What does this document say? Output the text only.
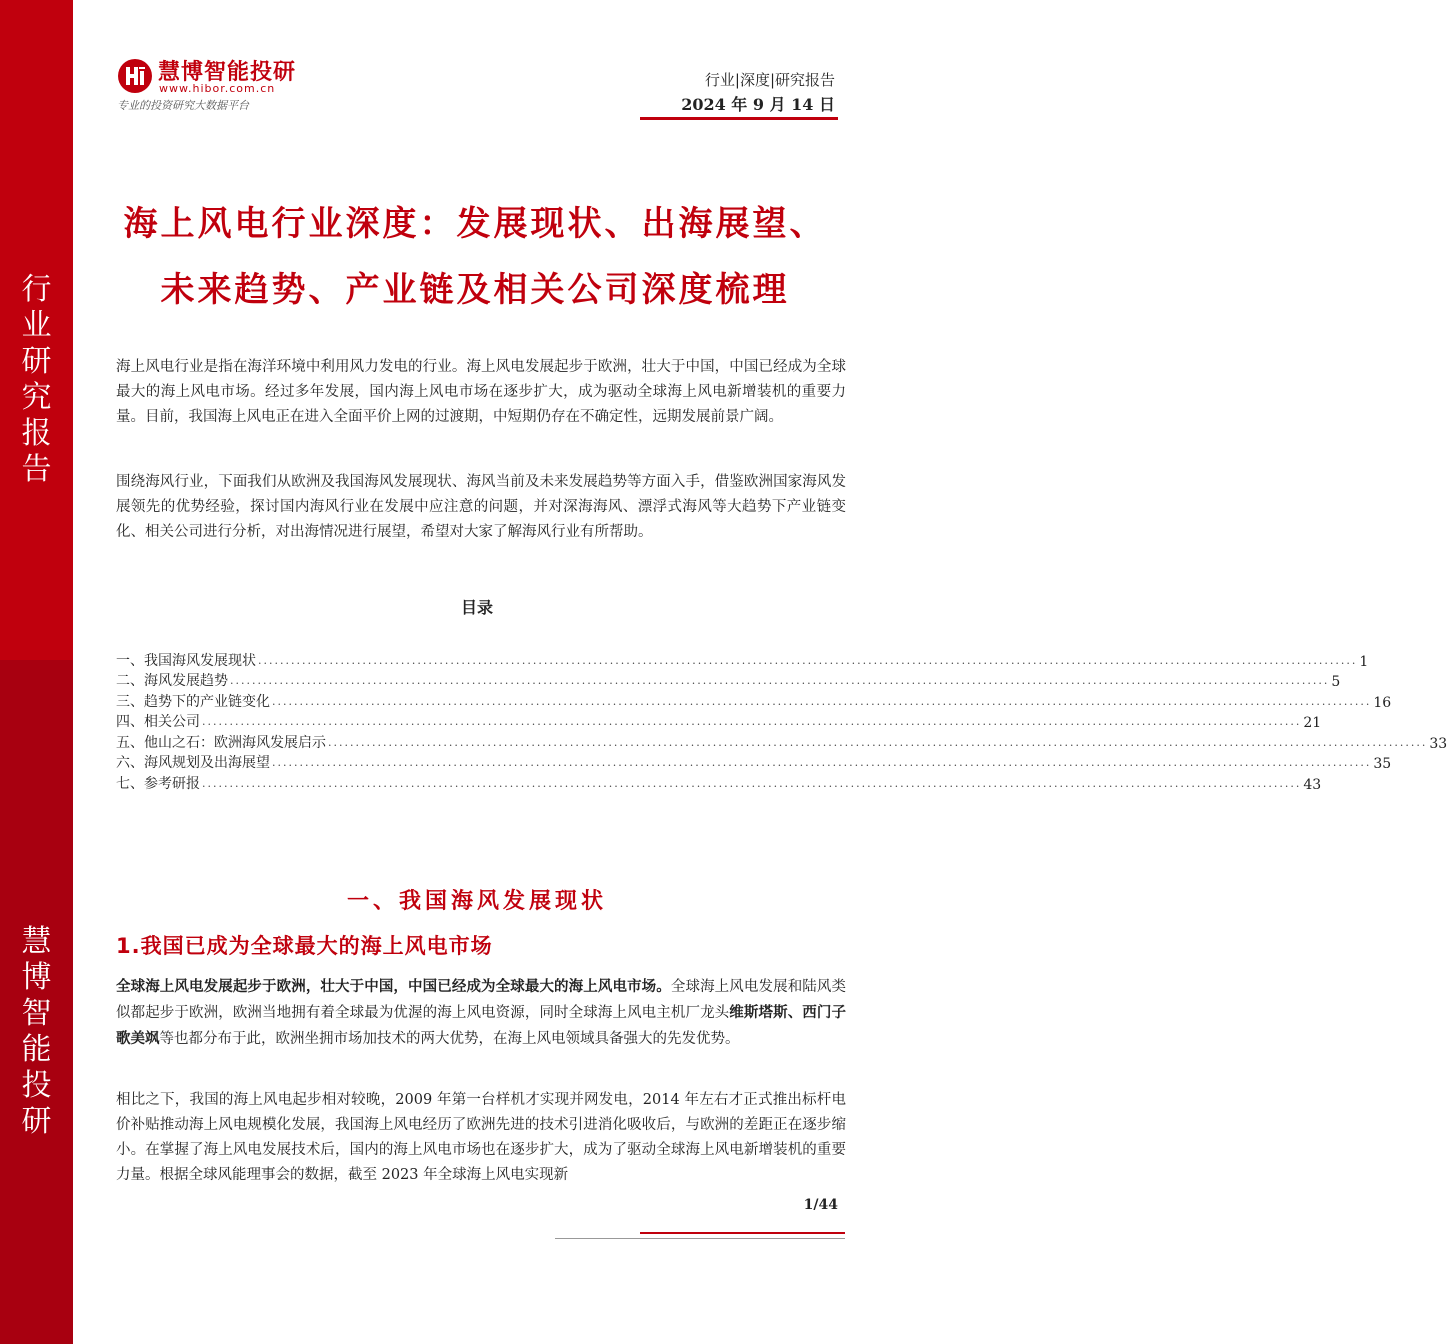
行
业
研
究
报
告
慧
博
智
能
投
研
慧博智能投研
www.hibor.com.cn
专业的投资研究大数据平台
行业|深度|研究报告
2024 年 9 月 14 日
海上风电行业深度：发展现状、出海展望、
未来趋势、产业链及相关公司深度梳理
海上风电行业是指在海洋环境中利用风力发电的行业。海上风电发展起步于欧洲，壮大于中国，中国已经成为全球最大的海上风电市场。经过多年发展，国内海上风电市场在逐步扩大，成为驱动全球海上风电新增装机的重要力量。目前，我国海上风电正在进入全面平价上网的过渡期，中短期仍存在不确定性，远期发展前景广阔。
围绕海风行业，下面我们从欧洲及我国海风发展现状、海风当前及未来发展趋势等方面入手，借鉴欧洲国家海风发展领先的优势经验，探讨国内海风行业在发展中应注意的问题，并对深海海风、漂浮式海风等大趋势下产业链变化、相关公司进行分析，对出海情况进行展望，希望对大家了解海风行业有所帮助。
目录
一、我国海风发展现状 ........................................................................................................................................................................................................ 1
二、海风发展趋势 ........................................................................................................................................................................................................ 5
三、趋势下的产业链变化 ........................................................................................................................................................................................................ 16
四、相关公司 ........................................................................................................................................................................................................ 21
五、他山之石：欧洲海风发展启示 ........................................................................................................................................................................................................ 33
六、海风规划及出海展望 ........................................................................................................................................................................................................ 35
七、参考研报 ........................................................................................................................................................................................................ 43
一、我国海风发展现状
1.我国已成为全球最大的海上风电市场
全球海上风电发展起步于欧洲，壮大于中国，中国已经成为全球最大的海上风电市场。全球海上风电发展和陆风类似都起步于欧洲，欧洲当地拥有着全球最为优渥的海上风电资源，同时全球海上风电主机厂龙头维斯塔斯、西门子歌美飒等也都分布于此，欧洲坐拥市场加技术的两大优势，在海上风电领域具备强大的先发优势。
相比之下，我国的海上风电起步相对较晚，2009 年第一台样机才实现并网发电，2014 年左右才正式推出标杆电价补贴推动海上风电规模化发展，我国海上风电经历了欧洲先进的技术引进消化吸收后，与欧洲的差距正在逐步缩小。在掌握了海上风电发展技术后，国内的海上风电市场也在逐步扩大，成为了驱动全球海上风电新增装机的重要力量。根据全球风能理事会的数据，截至 2023 年全球海上风电实现新
1/44
